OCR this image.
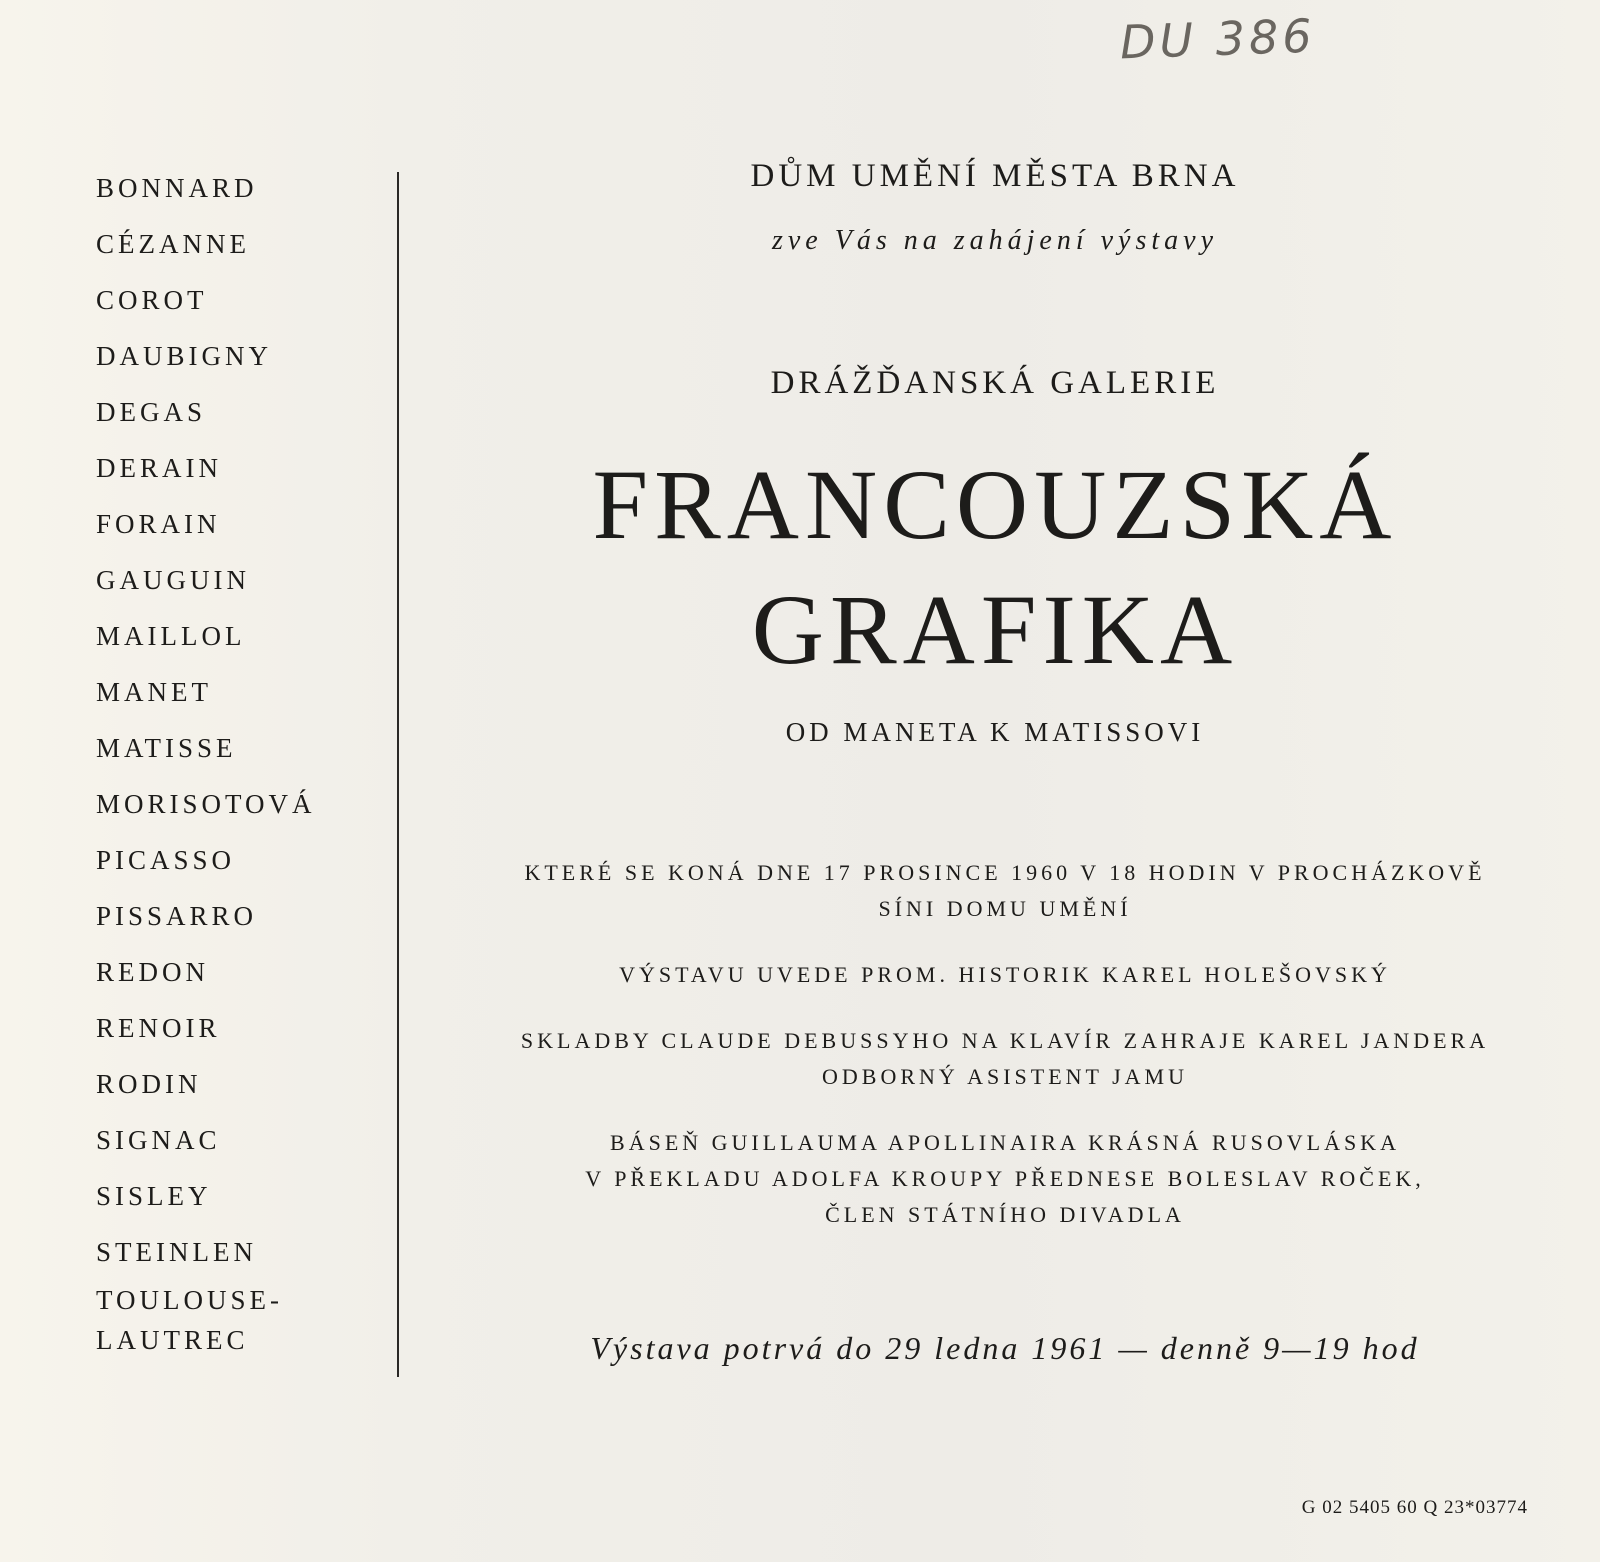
DU 386
BONNARD
CÉZANNE
COROT
DAUBIGNY
DEGAS
DERAIN
FORAIN
GAUGUIN
MAILLOL
MANET
MATISSE
MORISOTOVÁ
PICASSO
PISSARRO
REDON
RENOIR
RODIN
SIGNAC
SISLEY
STEINLEN
TOULOUSE-
LAUTREC
DŮM UMĚNÍ MĚSTA BRNA
zve Vás na zahájení výstavy
DRÁŽĎANSKÁ GALERIE
FRANCOUZSKÁ
GRAFIKA
OD MANETA K MATISSOVI

KTERÉ SE KONÁ DNE 17 PROSINCE 1960 V 18 HODIN V PROCHÁZKOVĚ
SÍNI DOMU UMĚNÍ

VÝSTAVU UVEDE PROM. HISTORIK KAREL HOLEŠOVSKÝ

SKLADBY CLAUDE DEBUSSYHO NA KLAVÍR ZAHRAJE KAREL JANDERA
ODBORNÝ ASISTENT JAMU

BÁSEŇ GUILLAUMA APOLLINAIRA KRÁSNÁ RUSOVLÁSKA
V PŘEKLADU ADOLFA KROUPY PŘEDNESE BOLESLAV ROČEK,
ČLEN STÁTNÍHO DIVADLA

Výstava potrvá do 29 ledna 1961 — denně 9—19 hod
G 02 5405 60 Q 23*03774
